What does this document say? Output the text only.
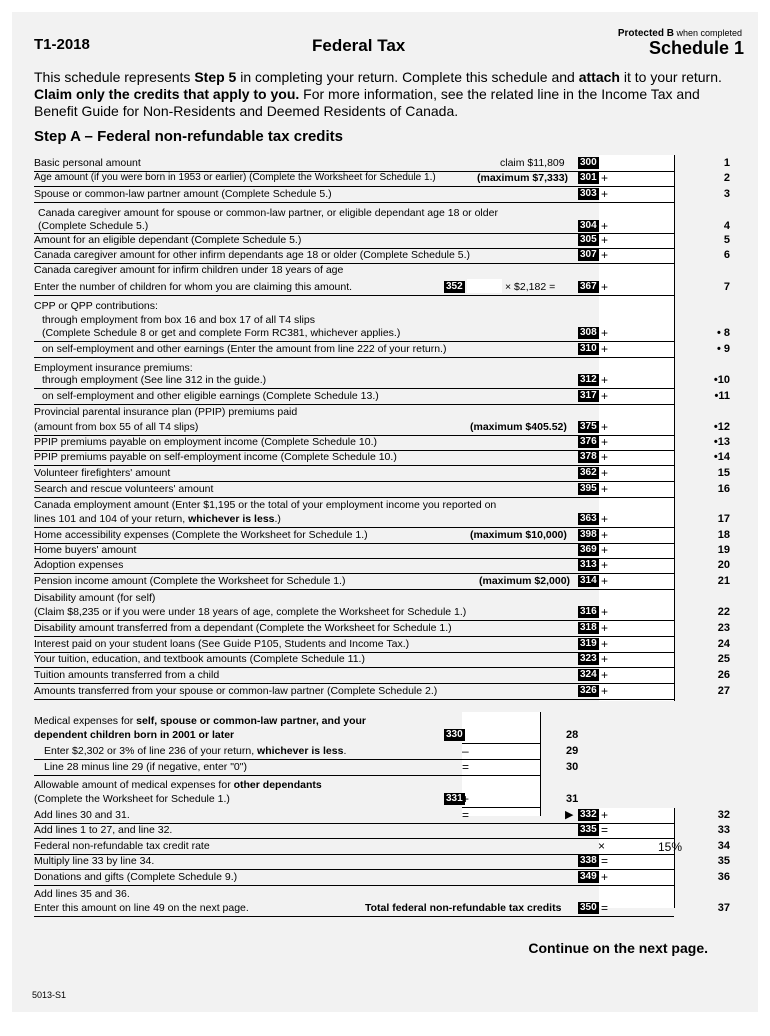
T1-2018	Federal Tax
Protected B when completed
Schedule 1
This schedule represents Step 5 in completing your return. Complete this schedule and attach it to your return. Claim only the credits that apply to you. For more information, see the related line in the Income Tax and Benefit Guide for Non-Residents and Deemed Residents of Canada.
Step A – Federal non-refundable tax credits
Basic personal amount	claim $11,809 300	1
Age amount (if you were born in 1953 or earlier) (Complete the Worksheet for Schedule 1.)	(maximum $7,333) 301 +	2
Spouse or common-law partner amount (Complete Schedule 5.)	303 +	3
Canada caregiver amount for spouse or common-law partner, or eligible dependant age 18 or older
(Complete Schedule 5.)	304 +	4
Amount for an eligible dependant (Complete Schedule 5.)	305 +	5
Canada caregiver amount for other infirm dependants age 18 or older (Complete Schedule 5.)	307 +	6
Canada caregiver amount for infirm children under 18 years of age
Enter the number of children for whom you are claiming this amount.	352	× $2,182 = 367 +	7
CPP or QPP contributions:
through employment from box 16 and box 17 of all T4 slips
(Complete Schedule 8 or get and complete Form RC381, whichever applies.)	308 +	• 8
on self-employment and other earnings (Enter the amount from line 222 of your return.)	310 +	• 9
Employment insurance premiums:
through employment (See line 312 in the guide.)	312 +	•10
on self-employment and other eligible earnings (Complete Schedule 13.)	317 +	•11
Provincial parental insurance plan (PPIP) premiums paid
(amount from box 55 of all T4 slips)	(maximum $405.52) 375 +	•12
PPIP premiums payable on employment income (Complete Schedule 10.)	376 +	•13
PPIP premiums payable on self-employment income (Complete Schedule 10.)	378 +	•14
Volunteer firefighters' amount	362 +	15
Search and rescue volunteers' amount	395 +	16
Canada employment amount (Enter $1,195 or the total of your employment income you reported on
lines 101 and 104 of your return, whichever is less.)	363 +	17
Home accessibility expenses (Complete the Worksheet for Schedule 1.)	(maximum $10,000) 398 +	18
Home buyers' amount	369 +	19
Adoption expenses	313 +	20
Pension income amount (Complete the Worksheet for Schedule 1.)	(maximum $2,000) 314 +	21
Disability amount (for self)
(Claim $8,235 or if you were under 18 years of age, complete the Worksheet for Schedule 1.)	316 +	22
Disability amount transferred from a dependant (Complete the Worksheet for Schedule 1.)	318 +	23
Interest paid on your student loans (See Guide P105, Students and Income Tax.)	319 +	24
Your tuition, education, and textbook amounts (Complete Schedule 11.)	323 +	25
Tuition amounts transferred from a child	324 +	26
Amounts transferred from your spouse or common-law partner (Complete Schedule 2.)	326 +	27
Medical expenses for self, spouse or common-law partner, and your
dependent children born in 2001 or later	330	28
Enter $2,302 or 3% of line 236 of your return, whichever is less.	–	29
Line 28 minus line 29 (if negative, enter "0")	=	30
Allowable amount of medical expenses for other dependants
(Complete the Worksheet for Schedule 1.)	331 +	31
Add lines 30 and 31.	=	▶ 332 +	32
Add lines 1 to 27, and line 32.	335 =	33
Federal non-refundable tax credit rate	×	15%	34
Multiply line 33 by line 34.	338 =	35
Donations and gifts (Complete Schedule 9.)	349 +	36
Add lines 35 and 36.
Enter this amount on line 49 on the next page.	Total federal non-refundable tax credits 350 =	37
Continue on the next page.
5013-S1
